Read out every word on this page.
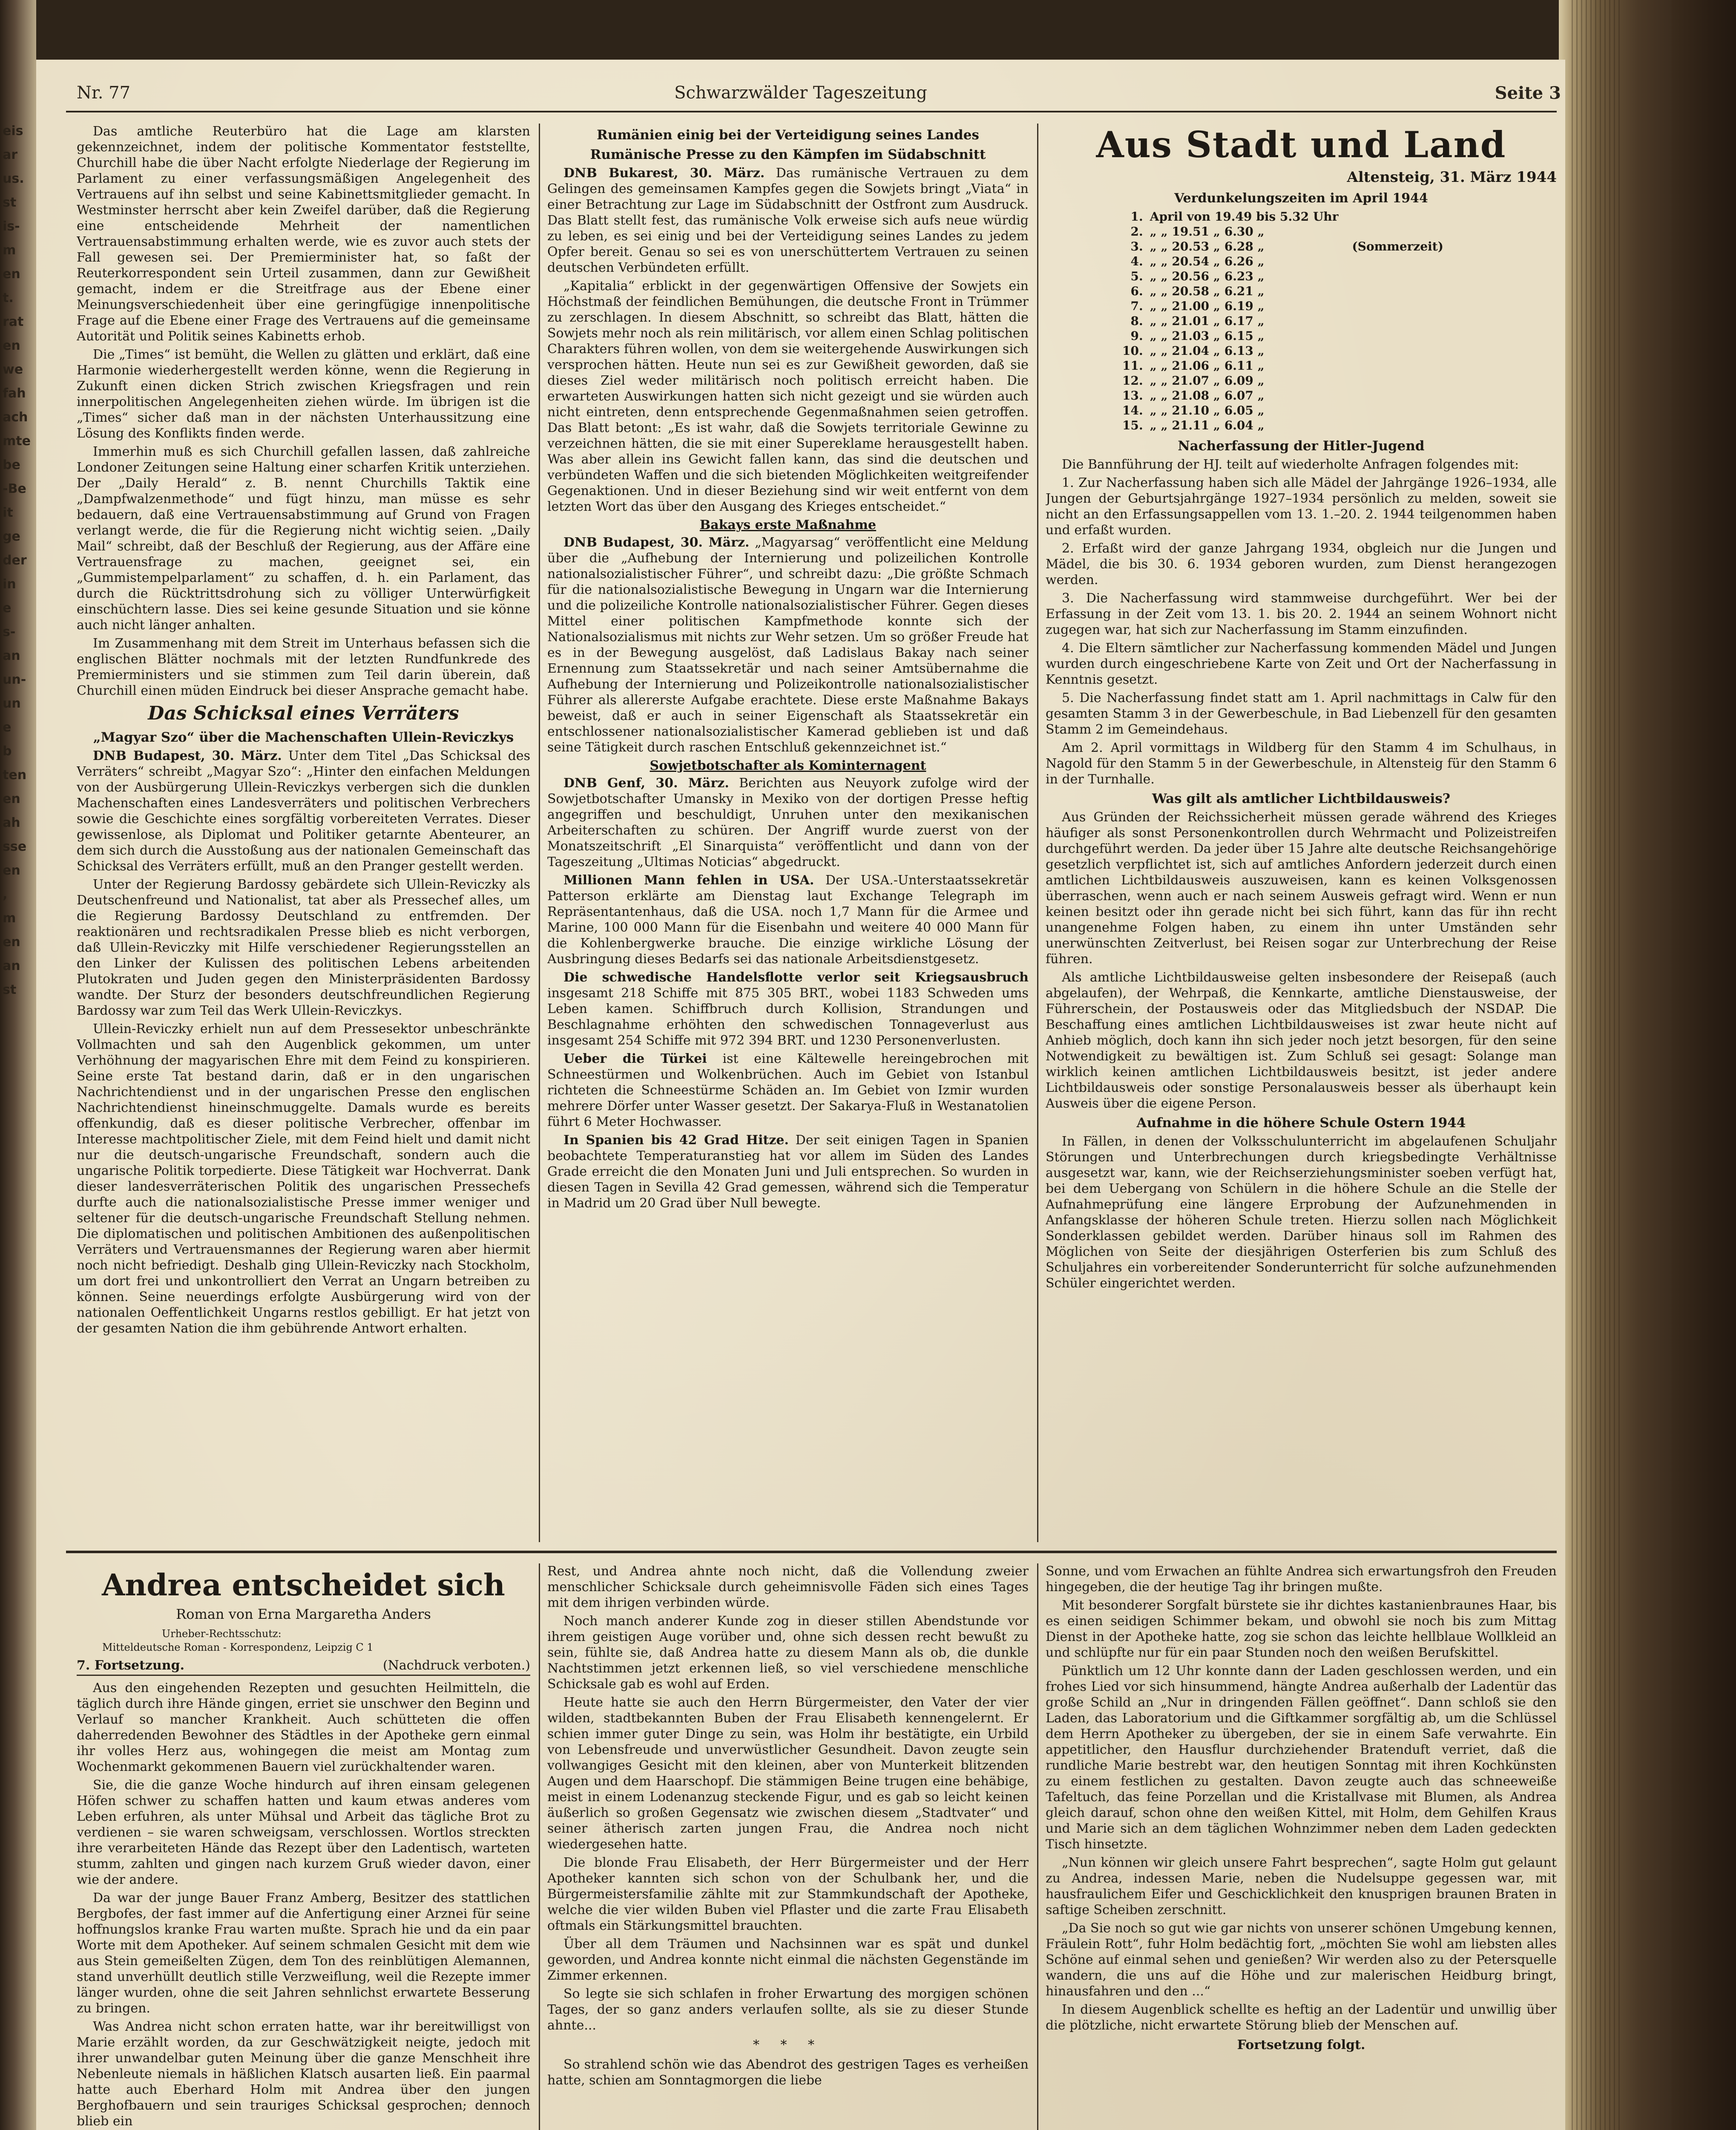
eis
ar
us.
st
is-
m
en
t.
rat
en
we
fah
ach
mte
be
-Be
it
ge
der
in
e
s-
an
un-
un
e
b
ten
en
ah
sse
en
,
m
en
an
st
Nr. 77	Schwarzwälder Tageszeitung	Seite 3

Das amtliche Reuterbüro hat die Lage am klarsten gekennzeichnet, indem der politische Kommentator feststellte, Churchill habe die über Nacht erfolgte Niederlage der Regierung im Parlament zu einer verfassungsmäßigen Angelegenheit des Vertrauens auf ihn selbst und seine Kabinettsmitglieder gemacht. In Westminster herrscht aber kein Zweifel darüber, daß die Regierung eine entscheidende Mehrheit der namentlichen Vertrauensabstimmung erhalten werde, wie es zuvor auch stets der Fall gewesen sei. Der Premierminister hat, so faßt der Reuterkorrespondent sein Urteil zusammen, dann zur Gewißheit gemacht, indem er die Streitfrage aus der Ebene einer Meinungsverschiedenheit über eine geringfügige innenpolitische Frage auf die Ebene einer Frage des Vertrauens auf die gemeinsame Autorität und Politik seines Kabinetts erhob.

Die „Times“ ist bemüht, die Wellen zu glätten und erklärt, daß eine Harmonie wiederhergestellt werden könne, wenn die Regierung in Zukunft einen dicken Strich zwischen Kriegsfragen und rein innerpolitischen Angelegenheiten ziehen würde. Im übrigen ist die „Times“ sicher daß man in der nächsten Unterhaussitzung eine Lösung des Konflikts finden werde.

Immerhin muß es sich Churchill gefallen lassen, daß zahlreiche Londoner Zeitungen seine Haltung einer scharfen Kritik unterziehen. Der „Daily Herald“ z. B. nennt Churchills Taktik eine „Dampfwalzenmethode“ und fügt hinzu, man müsse es sehr bedauern, daß eine Vertrauensabstimmung auf Grund von Fragen verlangt werde, die für die Regierung nicht wichtig seien. „Daily Mail“ schreibt, daß der Beschluß der Regierung, aus der Affäre eine Vertrauensfrage zu machen, geeignet sei, ein „Gummistempelparlament“ zu schaffen, d. h. ein Parlament, das durch die Rücktrittsdrohung sich zu völliger Unterwürfigkeit einschüchtern lasse. Dies sei keine gesunde Situation und sie könne auch nicht länger anhalten.

Im Zusammenhang mit dem Streit im Unterhaus befassen sich die englischen Blätter nochmals mit der letzten Rundfunkrede des Premierministers und sie stimmen zum Teil darin überein, daß Churchill einen müden Eindruck bei dieser Ansprache gemacht habe.

Das Schicksal eines Verräters
„Magyar Szo“ über die Machenschaften Ullein-Reviczkys

DNB Budapest, 30. März. Unter dem Titel „Das Schicksal des Verräters“ schreibt „Magyar Szo“: „Hinter den einfachen Meldungen von der Ausbürgerung Ullein-Reviczkys verbergen sich die dunklen Machenschaften eines Landesverräters und politischen Verbrechers sowie die Geschichte eines sorgfältig vorbereiteten Verrates. Dieser gewissenlose, als Diplomat und Politiker getarnte Abenteurer, an dem sich durch die Ausstoßung aus der nationalen Gemeinschaft das Schicksal des Verräters erfüllt, muß an den Pranger gestellt werden.

Unter der Regierung Bardossy gebärdete sich Ullein-Reviczky als Deutschenfreund und Nationalist, tat aber als Pressechef alles, um die Regierung Bardossy Deutschland zu entfremden. Der reaktionären und rechtsradikalen Presse blieb es nicht verborgen, daß Ullein-Reviczky mit Hilfe verschiedener Regierungsstellen an den Linker der Kulissen des politischen Lebens arbeitenden Plutokraten und Juden gegen den Ministerpräsidenten Bardossy wandte. Der Sturz der besonders deutschfreundlichen Regierung Bardossy war zum Teil das Werk Ullein-Reviczkys.

Ullein-Reviczky erhielt nun auf dem Pressesektor unbeschränkte Vollmachten und sah den Augenblick gekommen, um unter Verhöhnung der magyarischen Ehre mit dem Feind zu konspirieren. Seine erste Tat bestand darin, daß er in den ungarischen Nachrichtendienst und in der ungarischen Presse den englischen Nachrichtendienst hineinschmuggelte. Damals wurde es bereits offenkundig, daß es dieser politische Verbrecher, offenbar im Interesse machtpolitischer Ziele, mit dem Feind hielt und damit nicht nur die deutsch-ungarische Freundschaft, sondern auch die ungarische Politik torpedierte. Diese Tätigkeit war Hochverrat. Dank dieser landesverräterischen Politik des ungarischen Pressechefs durfte auch die nationalsozialistische Presse immer weniger und seltener für die deutsch-ungarische Freundschaft Stellung nehmen. Die diplomatischen und politischen Ambitionen des außenpolitischen Verräters und Vertrauensmannes der Regierung waren aber hiermit noch nicht befriedigt. Deshalb ging Ullein-Reviczky nach Stockholm, um dort frei und unkontrolliert den Verrat an Ungarn betreiben zu können. Seine neuerdings erfolgte Ausbürgerung wird von der nationalen Oeffentlichkeit Ungarns restlos gebilligt. Er hat jetzt von der gesamten Nation die ihm gebührende Antwort erhalten.

Rumänien einig bei der Verteidigung seines Landes
Rumänische Presse zu den Kämpfen im Südabschnitt

DNB Bukarest, 30. März. Das rumänische Vertrauen zu dem Gelingen des gemeinsamen Kampfes gegen die Sowjets bringt „Viata“ in einer Betrachtung zur Lage im Südabschnitt der Ostfront zum Ausdruck. Das Blatt stellt fest, das rumänische Volk erweise sich aufs neue würdig zu leben, es sei einig und bei der Verteidigung seines Landes zu jedem Opfer bereit. Genau so sei es von unerschüttertem Vertrauen zu seinen deutschen Verbündeten erfüllt.

„Kapitalia“ erblickt in der gegenwärtigen Offensive der Sowjets ein Höchstmaß der feindlichen Bemühungen, die deutsche Front in Trümmer zu zerschlagen. In diesem Abschnitt, so schreibt das Blatt, hätten die Sowjets mehr noch als rein militärisch, vor allem einen Schlag politischen Charakters führen wollen, von dem sie weitergehende Auswirkungen sich versprochen hätten. Heute nun sei es zur Gewißheit geworden, daß sie dieses Ziel weder militärisch noch politisch erreicht haben. Die erwarteten Auswirkungen hatten sich nicht gezeigt und sie würden auch nicht eintreten, denn entsprechende Gegenmaßnahmen seien getroffen. Das Blatt betont: „Es ist wahr, daß die Sowjets territoriale Gewinne zu verzeichnen hätten, die sie mit einer Supereklame herausgestellt haben. Was aber allein ins Gewicht fallen kann, das sind die deutschen und verbündeten Waffen und die sich bietenden Möglichkeiten weitgreifender Gegenaktionen. Und in dieser Beziehung sind wir weit entfernt von dem letzten Wort das über den Ausgang des Krieges entscheidet.“

Bakays erste Maßnahme

DNB Budapest, 30. März. „Magyarsag“ veröffentlicht eine Meldung über die „Aufhebung der Internierung und polizeilichen Kontrolle nationalsozialistischer Führer“, und schreibt dazu: „Die größte Schmach für die nationalsozialistische Bewegung in Ungarn war die Internierung und die polizeiliche Kontrolle nationalsozialistischer Führer. Gegen dieses Mittel einer politischen Kampfmethode konnte sich der Nationalsozialismus mit nichts zur Wehr setzen. Um so größer Freude hat es in der Bewegung ausgelöst, daß Ladislaus Bakay nach seiner Ernennung zum Staatssekretär und nach seiner Amtsübernahme die Aufhebung der Internierung und Polizeikontrolle nationalsozialistischer Führer als allererste Aufgabe erachtete. Diese erste Maßnahme Bakays beweist, daß er auch in seiner Eigenschaft als Staatssekretär ein entschlossener nationalsozialistischer Kamerad geblieben ist und daß seine Tätigkeit durch raschen Entschluß gekennzeichnet ist.“

Sowjetbotschafter als Kominternagent

DNB Genf, 30. März. Berichten aus Neuyork zufolge wird der Sowjetbotschafter Umansky in Mexiko von der dortigen Presse heftig angegriffen und beschuldigt, Unruhen unter den mexikanischen Arbeiterschaften zu schüren. Der Angriff wurde zuerst von der Monatszeitschrift „El Sinarquista“ veröffentlicht und dann von der Tageszeitung „Ultimas Noticias“ abgedruckt.

Millionen Mann fehlen in USA. Der USA.-Unterstaatssekretär Patterson erklärte am Dienstag laut Exchange Telegraph im Repräsentantenhaus, daß die USA. noch 1,7 Mann für die Armee und Marine, 100 000 Mann für die Eisenbahn und weitere 40 000 Mann für die Kohlenbergwerke brauche. Die einzige wirkliche Lösung der Ausbringung dieses Bedarfs sei das nationale Arbeitsdienstgesetz.

Die schwedische Handelsflotte verlor seit Kriegsausbruch insgesamt 218 Schiffe mit 875 305 BRT., wobei 1183 Schweden ums Leben kamen. Schiffbruch durch Kollision, Strandungen und Beschlagnahme erhöhten den schwedischen Tonnageverlust aus insgesamt 254 Schiffe mit 972 394 BRT. und 1230 Personenverlusten.

Ueber die Türkei ist eine Kältewelle hereingebrochen mit Schneestürmen und Wolkenbrüchen. Auch im Gebiet von Istanbul richteten die Schneestürme Schäden an. Im Gebiet von Izmir wurden mehrere Dörfer unter Wasser gesetzt. Der Sakarya-Fluß in Westanatolien führt 6 Meter Hochwasser.

In Spanien bis 42 Grad Hitze. Der seit einigen Tagen in Spanien beobachtete Temperaturanstieg hat vor allem im Süden des Landes Grade erreicht die den Monaten Juni und Juli entsprechen. So wurden in diesen Tagen in Sevilla 42 Grad gemessen, während sich die Temperatur in Madrid um 20 Grad über Null bewegte.

Aus Stadt und Land
Altensteig, 31. März 1944
Verdunkelungszeiten im April 1944
1.	April von 19.49 bis 5.32 Uhr	
2.	„ „ 19.51 „ 6.30 „	
3.	„ „ 20.53 „ 6.28 „	(Sommerzeit)
4.	„ „ 20.54 „ 6.26 „	
5.	„ „ 20.56 „ 6.23 „	
6.	„ „ 20.58 „ 6.21 „	
7.	„ „ 21.00 „ 6.19 „	
8.	„ „ 21.01 „ 6.17 „	
9.	„ „ 21.03 „ 6.15 „	
10.	„ „ 21.04 „ 6.13 „	
11.	„ „ 21.06 „ 6.11 „	
12.	„ „ 21.07 „ 6.09 „	
13.	„ „ 21.08 „ 6.07 „	
14.	„ „ 21.10 „ 6.05 „	
15.	„ „ 21.11 „ 6.04 „	
Nacherfassung der Hitler-Jugend

Die Bannführung der HJ. teilt auf wiederholte Anfragen folgendes mit:

1. Zur Nacherfassung haben sich alle Mädel der Jahrgänge 1926–1934, alle Jungen der Geburtsjahrgänge 1927–1934 persönlich zu melden, soweit sie nicht an den Erfassungsappellen vom 13. 1.–20. 2. 1944 teilgenommen haben und erfaßt wurden.

2. Erfaßt wird der ganze Jahrgang 1934, obgleich nur die Jungen und Mädel, die bis 30. 6. 1934 geboren wurden, zum Dienst herangezogen werden.

3. Die Nacherfassung wird stammweise durchgeführt. Wer bei der Erfassung in der Zeit vom 13. 1. bis 20. 2. 1944 an seinem Wohnort nicht zugegen war, hat sich zur Nacherfassung im Stamm einzufinden.

4. Die Eltern sämtlicher zur Nacherfassung kommenden Mädel und Jungen wurden durch eingeschriebene Karte von Zeit und Ort der Nacherfassung in Kenntnis gesetzt.

5. Die Nacherfassung findet statt am 1. April nachmittags in Calw für den gesamten Stamm 3 in der Gewerbeschule, in Bad Liebenzell für den gesamten Stamm 2 im Gemeindehaus.

Am 2. April vormittags in Wildberg für den Stamm 4 im Schulhaus, in Nagold für den Stamm 5 in der Gewerbeschule, in Altensteig für den Stamm 6 in der Turnhalle.

Was gilt als amtlicher Lichtbildausweis?

Aus Gründen der Reichssicherheit müssen gerade während des Krieges häufiger als sonst Personenkontrollen durch Wehrmacht und Polizeistreifen durchgeführt werden. Da jeder über 15 Jahre alte deutsche Reichsangehörige gesetzlich verpflichtet ist, sich auf amtliches Anfordern jederzeit durch einen amtlichen Lichtbildausweis auszuweisen, kann es keinen Volksgenossen überraschen, wenn auch er nach seinem Ausweis gefragt wird. Wenn er nun keinen besitzt oder ihn gerade nicht bei sich führt, kann das für ihn recht unangenehme Folgen haben, zu einem ihn unter Umständen sehr unerwünschten Zeitverlust, bei Reisen sogar zur Unterbrechung der Reise führen.

Als amtliche Lichtbildausweise gelten insbesondere der Reisepaß (auch abgelaufen), der Wehrpaß, die Kennkarte, amtliche Dienstausweise, der Führerschein, der Postausweis oder das Mitgliedsbuch der NSDAP. Die Beschaffung eines amtlichen Lichtbildausweises ist zwar heute nicht auf Anhieb möglich, doch kann ihn sich jeder noch jetzt besorgen, für den seine Notwendigkeit zu bewältigen ist. Zum Schluß sei gesagt: Solange man wirklich keinen amtlichen Lichtbildausweis besitzt, ist jeder andere Lichtbildausweis oder sonstige Personalausweis besser als überhaupt kein Ausweis über die eigene Person.

Aufnahme in die höhere Schule Ostern 1944

In Fällen, in denen der Volksschulunterricht im abgelaufenen Schuljahr Störungen und Unterbrechungen durch kriegsbedingte Verhältnisse ausgesetzt war, kann, wie der Reichserziehungsminister soeben verfügt hat, bei dem Uebergang von Schülern in die höhere Schule an die Stelle der Aufnahmeprüfung eine längere Erprobung der Aufzunehmenden in Anfangsklasse der höheren Schule treten. Hierzu sollen nach Möglichkeit Sonderklassen gebildet werden. Darüber hinaus soll im Rahmen des Möglichen von Seite der diesjährigen Osterferien bis zum Schluß des Schuljahres ein vorbereitender Sonderunterricht für solche aufzunehmenden Schüler eingerichtet werden.

Andrea entscheidet sich
Roman von Erna Margaretha Anders
Urheber-Rechtsschutz:
Mitteldeutsche Roman - Korrespondenz, Leipzig C 1
7. Fortsetzung.	(Nachdruck verboten.)

Aus den eingehenden Rezepten und gesuchten Heilmitteln, die täglich durch ihre Hände gingen, erriet sie unschwer den Beginn und Verlauf so mancher Krankheit. Auch schütteten die offen daherredenden Bewohner des Städtles in der Apotheke gern einmal ihr volles Herz aus, wohingegen die meist am Montag zum Wochenmarkt gekommenen Bauern viel zurückhaltender waren.

Sie, die die ganze Woche hindurch auf ihren einsam gelegenen Höfen schwer zu schaffen hatten und kaum etwas anderes vom Leben erfuhren, als unter Mühsal und Arbeit das tägliche Brot zu verdienen – sie waren schweigsam, verschlossen. Wortlos streckten ihre verarbeiteten Hände das Rezept über den Ladentisch, warteten stumm, zahlten und gingen nach kurzem Gruß wieder davon, einer wie der andere.

Da war der junge Bauer Franz Amberg, Besitzer des stattlichen Bergbofes, der fast immer auf die Anfertigung einer Arznei für seine hoffnungslos kranke Frau warten mußte. Sprach hie und da ein paar Worte mit dem Apotheker. Auf seinem schmalen Gesicht mit dem wie aus Stein gemeißelten Zügen, dem Ton des reinblütigen Alemannen, stand unverhüllt deutlich stille Verzweiflung, weil die Rezepte immer länger wurden, ohne die seit Jahren sehnlichst erwartete Besserung zu bringen.

Was Andrea nicht schon erraten hatte, war ihr bereitwilligst von Marie erzählt worden, da zur Geschwätzigkeit neigte, jedoch mit ihrer unwandelbar guten Meinung über die ganze Menschheit ihre Nebenleute niemals in häßlichen Klatsch ausarten ließ. Ein paarmal hatte auch Eberhard Holm mit Andrea über den jungen Berghofbauern und sein trauriges Schicksal gesprochen; dennoch blieb ein

Rest, und Andrea ahnte noch nicht, daß die Vollendung zweier menschlicher Schicksale durch geheimnisvolle Fäden sich eines Tages mit dem ihrigen verbinden würde.

Noch manch anderer Kunde zog in dieser stillen Abendstunde vor ihrem geistigen Auge vorüber und, ohne sich dessen recht bewußt zu sein, fühlte sie, daß Andrea hatte zu diesem Mann als ob, die dunkle Nachtstimmen jetzt erkennen ließ, so viel verschiedene menschliche Schicksale gab es wohl auf Erden.

Heute hatte sie auch den Herrn Bürgermeister, den Vater der vier wilden, stadtbekannten Buben der Frau Elisabeth kennengelernt. Er schien immer guter Dinge zu sein, was Holm ihr bestätigte, ein Urbild von Lebensfreude und unverwüstlicher Gesundheit. Davon zeugte sein vollwangiges Gesicht mit den kleinen, aber von Munterkeit blitzenden Augen und dem Haarschopf. Die stämmigen Beine trugen eine behäbige, meist in einem Lodenanzug steckende Figur, und es gab so leicht keinen äußerlich so großen Gegensatz wie zwischen diesem „Stadtvater“ und seiner ätherisch zarten jungen Frau, die Andrea noch nicht wiedergesehen hatte.

Die blonde Frau Elisabeth, der Herr Bürgermeister und der Herr Apotheker kannten sich schon von der Schulbank her, und die Bürgermeistersfamilie zählte mit zur Stammkundschaft der Apotheke, welche die vier wilden Buben viel Pflaster und die zarte Frau Elisabeth oftmals ein Stärkungsmittel brauchten.

Über all dem Träumen und Nachsinnen war es spät und dunkel geworden, und Andrea konnte nicht einmal die nächsten Gegenstände im Zimmer erkennen.

So legte sie sich schlafen in froher Erwartung des morgigen schönen Tages, der so ganz anders verlaufen sollte, als sie zu dieser Stunde ahnte...

* * *

So strahlend schön wie das Abendrot des gestrigen Tages es verheißen hatte, schien am Sonntagmorgen die liebe

Sonne, und vom Erwachen an fühlte Andrea sich erwartungsfroh den Freuden hingegeben, die der heutige Tag ihr bringen mußte.

Mit besonderer Sorgfalt bürstete sie ihr dichtes kastanienbraunes Haar, bis es einen seidigen Schimmer bekam, und obwohl sie noch bis zum Mittag Dienst in der Apotheke hatte, zog sie schon das leichte hellblaue Wollkleid an und schlüpfte nur für ein paar Stunden noch den weißen Berufskittel.

Pünktlich um 12 Uhr konnte dann der Laden geschlossen werden, und ein frohes Lied vor sich hinsummend, hängte Andrea außerhalb der Ladentür das große Schild an „Nur in dringenden Fällen geöffnet“. Dann schloß sie den Laden, das Laboratorium und die Giftkammer sorgfältig ab, um die Schlüssel dem Herrn Apotheker zu übergeben, der sie in einem Safe verwahrte. Ein appetitlicher, den Hausflur durchziehender Bratenduft verriet, daß die rundliche Marie bestrebt war, den heutigen Sonntag mit ihren Kochkünsten zu einem festlichen zu gestalten. Davon zeugte auch das schneeweiße Tafeltuch, das feine Porzellan und die Kristallvase mit Blumen, als Andrea gleich darauf, schon ohne den weißen Kittel, mit Holm, dem Gehilfen Kraus und Marie sich an dem täglichen Wohnzimmer neben dem Laden gedeckten Tisch hinsetzte.

„Nun können wir gleich unsere Fahrt besprechen“, sagte Holm gut gelaunt zu Andrea, indessen Marie, neben die Nudelsuppe gegessen war, mit hausfraulichem Eifer und Geschicklichkeit den knusprigen braunen Braten in saftige Scheiben zerschnitt.

„Da Sie noch so gut wie gar nichts von unserer schönen Umgebung kennen, Fräulein Rott“, fuhr Holm bedächtig fort, „möchten Sie wohl am liebsten alles Schöne auf einmal sehen und genießen? Wir werden also zu der Petersquelle wandern, die uns auf die Höhe und zur malerischen Heidburg bringt, hinausfahren und den ...“

In diesem Augenblick schellte es heftig an der Ladentür und unwillig über die plötzliche, nicht erwartete Störung blieb der Menschen auf.

Fortsetzung folgt.
